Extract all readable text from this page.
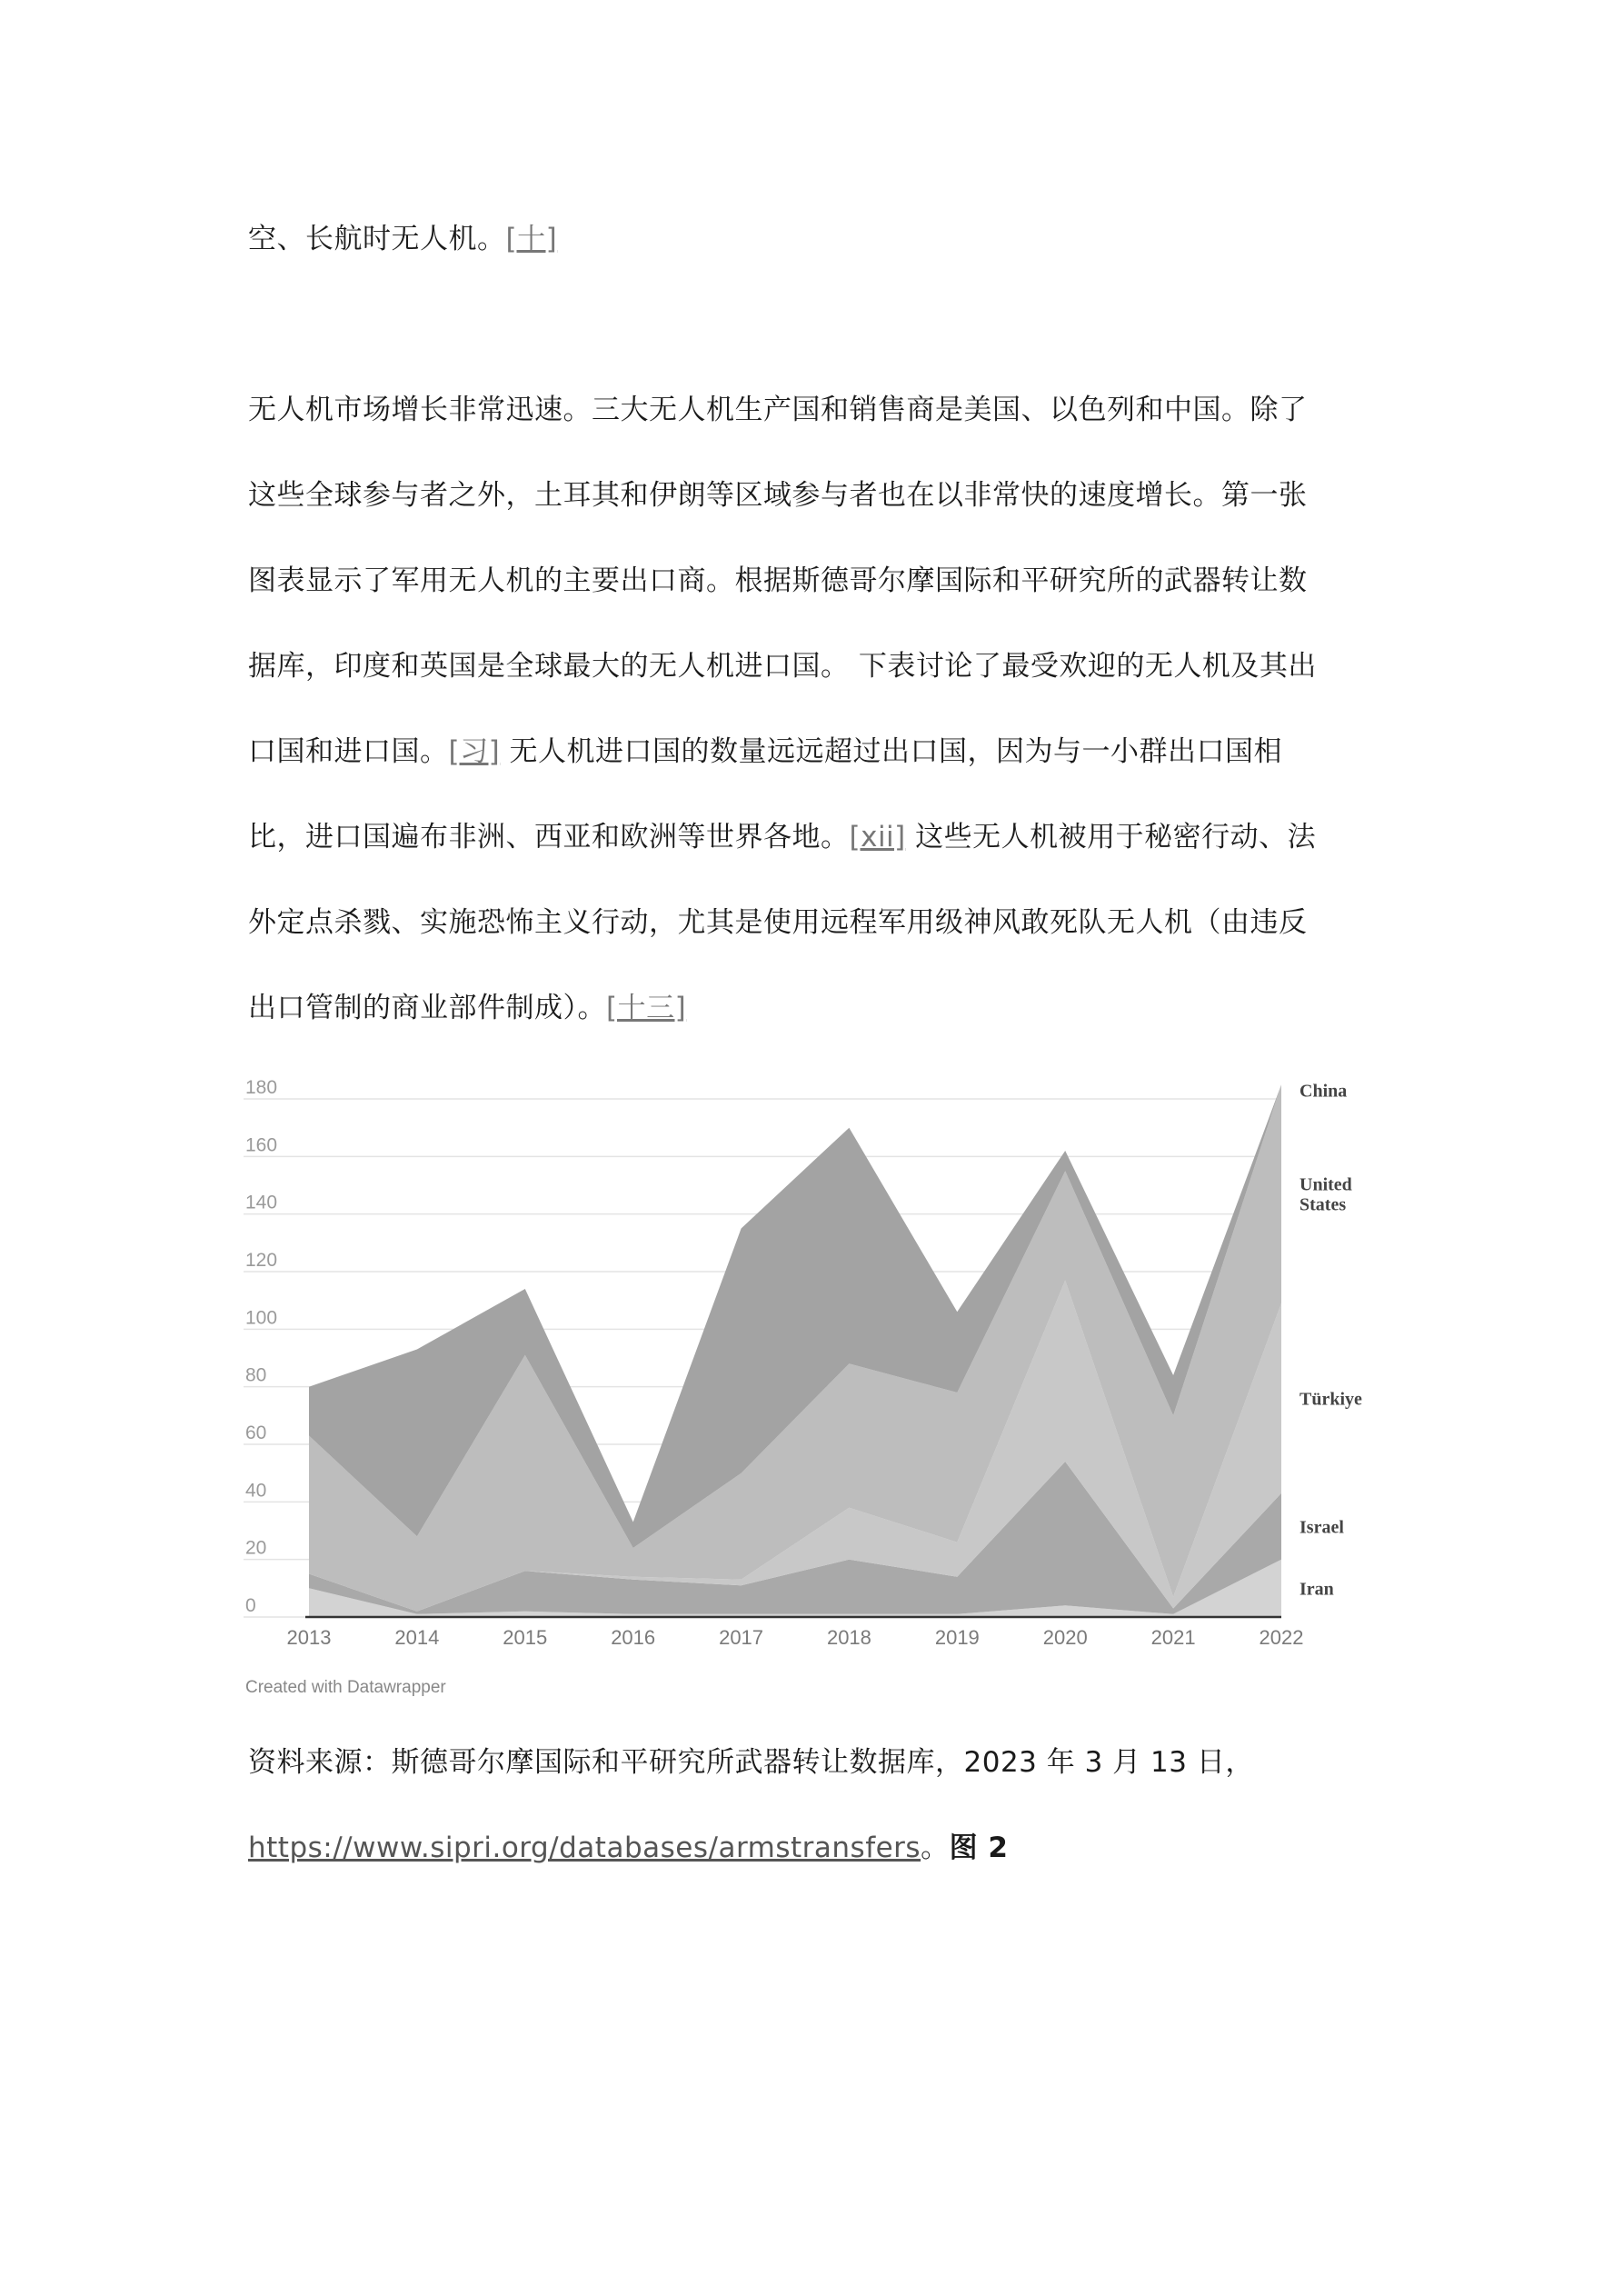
空、长航时无人机。[十]
无人机市场增长非常迅速。三大无人机生产国和销售商是美国、以色列和中国。除了
这些全球参与者之外，土耳其和伊朗等区域参与者也在以非常快的速度增长。第一张
图表显示了军用无人机的主要出口商。根据斯德哥尔摩国际和平研究所的武器转让数
据库，印度和英国是全球最大的无人机进口国。 下表讨论了最受欢迎的无人机及其出
口国和进口国。[习] 无人机进口国的数量远远超过出口国，因为与一小群出口国相
比，进口国遍布非洲、西亚和欧洲等世界各地。[xii] 这些无人机被用于秘密行动、法
外定点杀戮、实施恐怖主义行动，尤其是使用远程军用级神风敢死队无人机（由违反
出口管制的商业部件制成）。[十三]
0
20
40
60
80
100
120
140
160
180
2013	2014	2015	2016	2017	2018	2019	2020	2021	2022
Iran
Israel
Türkiye
United
States
China
Created with Datawrapper
资料来源：斯德哥尔摩国际和平研究所武器转让数据库，2023 年 3 月 13 日，
https://www.sipri.org/databases/armstransfers。图 2
